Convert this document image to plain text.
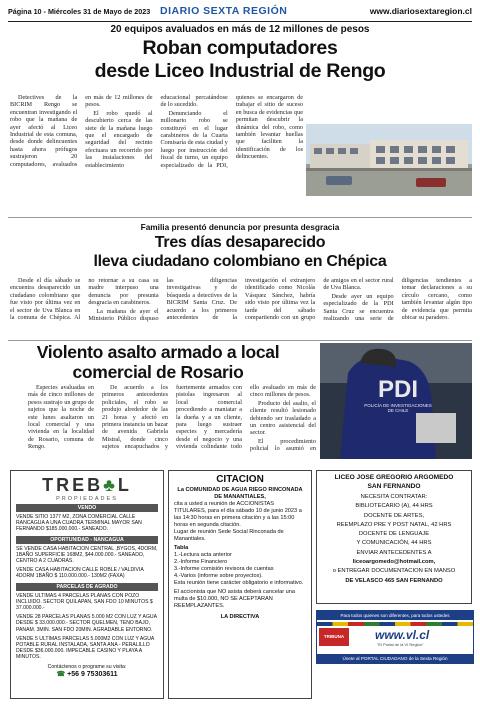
Página 10 - Miércoles 31 de Mayo de 2023 DIARIO SEXTA REGIÓN	www.diariosextaregion.cl
20 equipos avaluados en más de 12 millones de pesos
Roban computadores
desde Liceo Industrial de Rengo

Detectives de la BICRIM Rengo se encuentran investigando el robo que la mañana de ayer afectó al Liceo Industrial de esta comuna, desde donde delincuentes hasta ahora prófugos sustrajeron 20 computadores, avaluados en más de 12 millones de pesos.

El robo quedó al descubierto cerca de las siete de la mañana luego que el encargado de seguridad del recinto efectuara un recorrido por las instalaciones del establecimiento educacional percatándose de lo sucedido.

Denunciando el millonario robo se constituyó en el lugar carabineros de la Cuarta Comisaría de esta ciudad y luego por instrucción del fiscal de turno, un equipo especializado de la PDI, quienes se encargaron de trabajar el sitio de suceso en busca de evidencias que permitan descubrir la dinámica del robo, como también levantar huellas que faciliten la identificación de los delincuentes.

Familia presentó denuncia por presunta desgracia
Tres días desaparecido
lleva ciudadano colombiano en Chépica

Desde el día sábado se encuentra desaparecido un ciudadano colombiano que fue visto por última vez en el sector de Uva Blanca en la comuna de Chépica. Al no retornar a su casa su madre interpuso una denuncia por presunta desgracia en carabineros.

La mañana de ayer el Ministerio Público dispuso las diligencias investigativas y de búsqueda a detectives de la BICRIM Santa Cruz. De acuerdo a los primeros antecedentes de la investigación el extranjero identificado como Nicolás Vásquez Sánchez, habría sido visto por última vez la tarde del sábado compartiendo con un grupo de amigos en el sector rural de Uva Blanca.

Desde ayer un equipo especializado de la PDI Santa Cruz se encuentra realizando una serie de diligencias tendientes a tomar declaraciones a su círculo cercano, como también levantar algún tipo de evidencia que permita ubicar su paradero.

Violento asalto armado a local
comercial de Rosario

Especies avaluadas en más de cinco millones de pesos sustrajo un grupo de sujetos que la noche de este lunes asaltaron un local comercial y una vivienda en la localidad de Rosario, comuna de Rengo.

De acuerdo a los primeros antecedentes policiales, el robo se produjo alrededor de las 21 horas y afectó en primera instancia un bazar de avenida Gabriela Mistral, donde cinco sujetos encapuchados y fuertemente armados con pistolas ingresaron al local comercial procediendo a maniatar a la dueña y a un cliente, para luego sustraer especies y mercadería desde el negocio y una vivienda colindante todo ello avaluado en más de cinco millones de pesos.

Producto del asalto, el cliente resultó lesionado debiendo ser trasladado a un centro asistencial del sector.

El procedimiento policial lo asumió en

PDI
POLICÍA DE INVESTIGACIONES
DE CHILE
TREB♣L
PROPIEDADES
VENDO

VENDE SITIO 1377 M2, ZONA COMERCIAL CALLE RANCAGUA A UNA CUADRA TERMINAL MAYOR SAN FERNANDO $185.000.000.- SANEADO.

OPORTUNIDAD - NANCAGUA

SE VENDE CASA HABITACION CENTRAL ,BYGOS, 4DORM, 1BAÑO SUPERFICIE 168M2, $44.000.000.- SANEADO, CENTRO A 2 CUADRAS.

VENDE CASA HABITACION CALLE ROBLE / VALDIVIA 4DORM 1BAÑO $ 110.000.000.- 130M2 (FAXA)

PARCELAS DE AGRADO

VENDE ULTIMAS 4 PARCELAS PLANAS CON POZO INCLUIDO. SECTOR QUILAPAN, SAN FDO 10 MINUTOS $ 37.000.000.-

VENDE 28 PARCELAS PLANAS 5.000 M2 CON LUZ Y AGUA DESDE $ 33.000.000.- SECTOR QUELMEN, TENO BAJO, PANAM. 3MIN. SAN FDO 20MIN. AGRADABLE ENTORNO.

VENDE 5 ULTIMAS PARCELAS 5.000M2 CON LUZ Y AGUA POTABLE RURAL INSTALADA, SANTA ANA - PERALILLO DESDE $36.000.000. IMPECABLE CASINO Y PLAYA A MINUTOS.

Contáctenos o programe su visita:
☎ +56 9 75303611
CITACION

La COMUNIDAD DE AGUA RIEGO RINCONADA DE MANANTIALES,

cita a usted a reunión de ACCIONISTAS TITULARES, para el día sábado 10 de junio 2023 a las 14:30 horas en primera citación y a las 15:00 horas en segunda citación.

Lugar de reunión Sede Social Rinconada de Manantiales.

Tabla

1.-Lectura acta anterior

2.-Informe Financiero

3.-Informe comisión revisora de cuentas

4.-Varios (informe sobre proyectos).

Esta reunión tiene carácter obligatorio e informativo.

El accionista que NO asista deberá cancelar una multa de $10.000, NO SE ACEPTARAN REEMPLAZANTES.

LA DIRECTIVA

LICEO JOSE GREGORIO ARGOMEDO
SAN FERNANDO
NECESITA CONTRATAR:
BIBLIOTECARIO (A), 44 HRS
DOCENTE DE ARTES,
REEMPLAZO PRE Y POST NATAL, 42 HRS
DOCENTE DE LENGUAJE
Y COMUNICACIÓN, 44 HRS
ENVIAR ANTECEDENTES A
liceoargomedo@hotmail.com,
o ENTREGAR DOCUMENTACION EN MANSO
DE VELASCO 465 SAN FERNANDO
Para todos quienes son diferentes, para todos ustedes
www.vl.cl
"El Portal de la VI Región"
TRIBUNA
Únete al PORTAL CIUDADANO de la Sexta Región
